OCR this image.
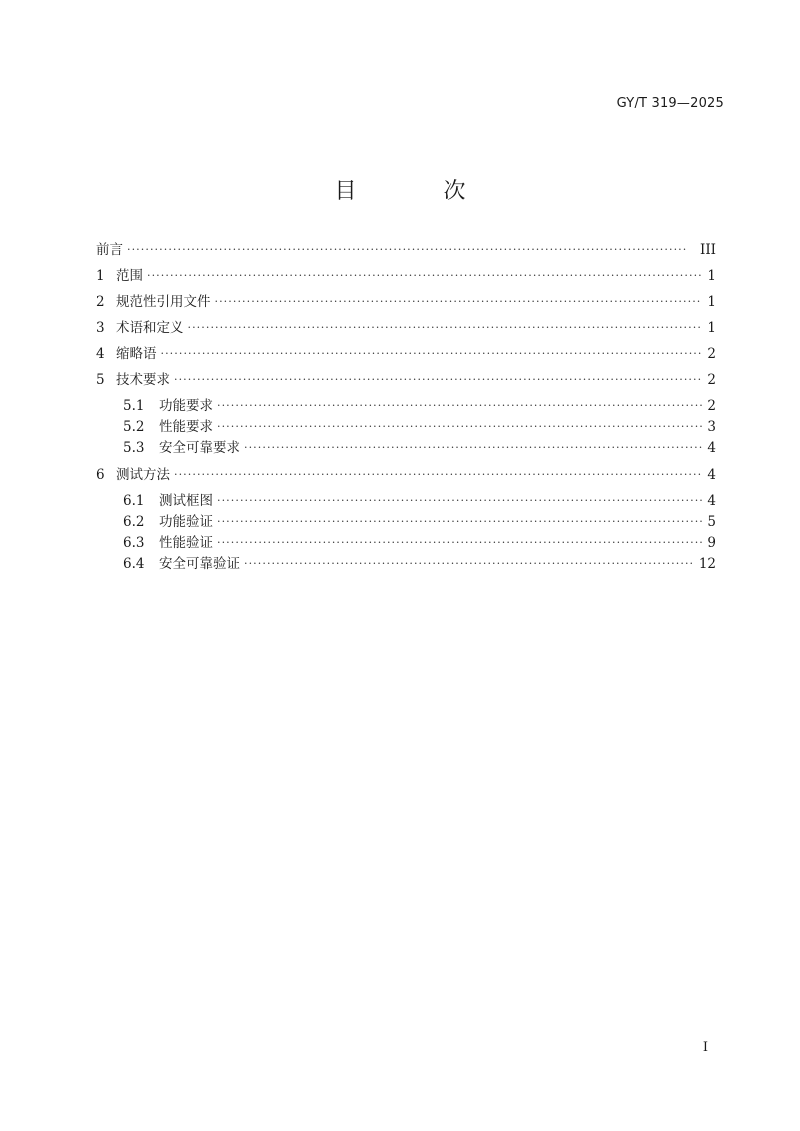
GY/T 319—2025
目 次
前言 . . .	III
1 范围 . . .	1
2 规范性引用文件 . . .	1
3 术语和定义 . . .	1
4 缩略语 . . .	2
5 技术要求 . . .	2
5.1	功能要求 . . .	2
5.2	性能要求 . . .	3
5.3	安全可靠要求 . . .	4
6 测试方法 . . .	4
6.1	测试框图 . . .	4
6.2	功能验证 . . .	5
6.3	性能验证 . . .	9
6.4	安全可靠验证 . . .	12
I
